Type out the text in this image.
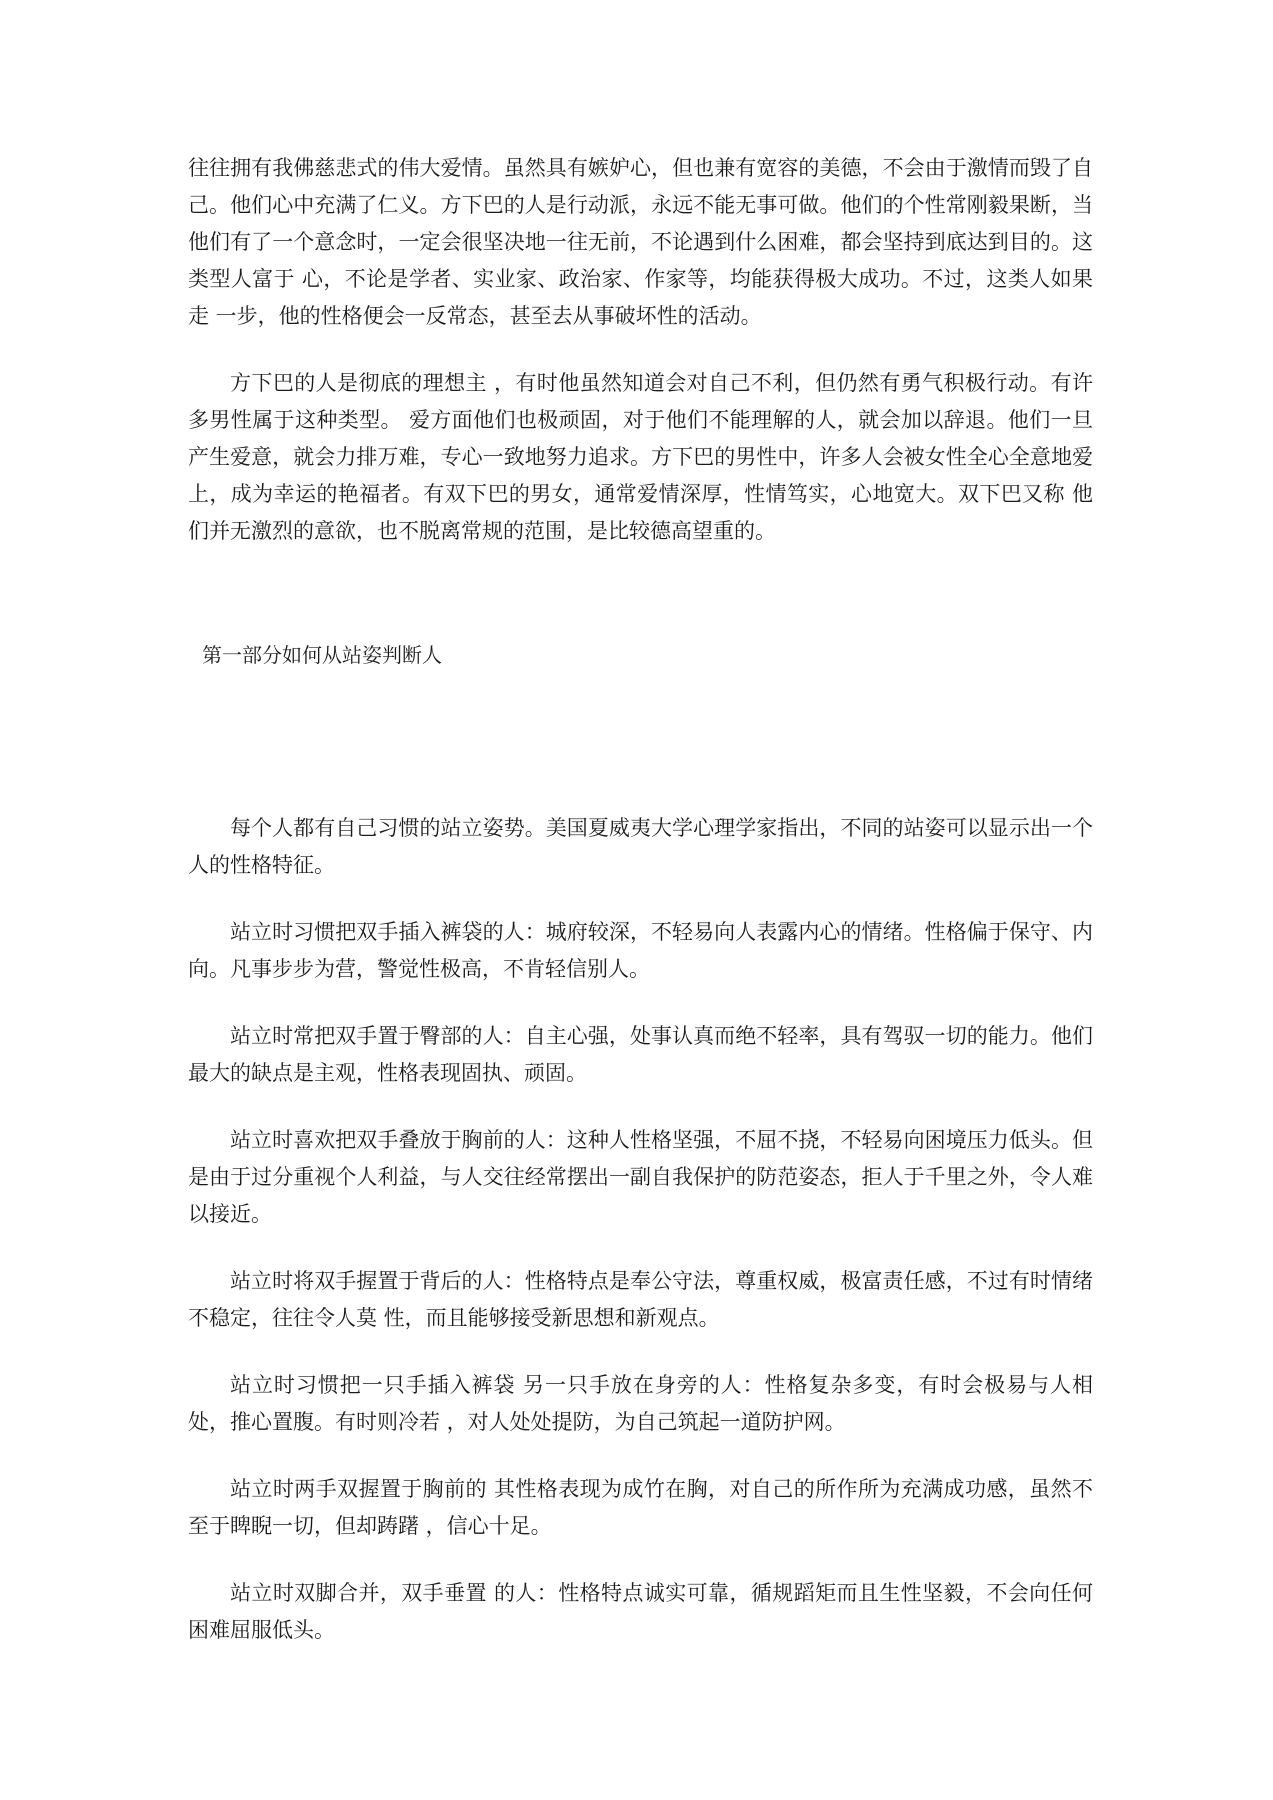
往往拥有我佛慈悲式的伟大爱情。虽然具有嫉妒心，但也兼有宽容的美德，不会由于激情而毁了自己。他们心中充满了仁义。方下巴的人是行动派，永远不能无事可做。他们的个性常刚毅果断，当他们有了一个意念时，一定会很坚决地一往无前，不论遇到什么困难，都会坚持到底达到目的。这类型人富于 心，不论是学者、实业家、政治家、作家等，均能获得极大成功。不过，这类人如果走 一步，他的性格便会一反常态，甚至去从事破坏性的活动。

方下巴的人是彻底的理想主 ，有时他虽然知道会对自己不利，但仍然有勇气积极行动。有许多男性属于这种类型。 爱方面他们也极顽固，对于他们不能理解的人，就会加以辞退。他们一旦产生爱意，就会力排万难，专心一致地努力追求。方下巴的男性中，许多人会被女性全心全意地爱上，成为幸运的艳福者。有双下巴的男女，通常爱情深厚，性情笃实，心地宽大。双下巴又称 他们并无激烈的意欲，也不脱离常规的范围，是比较德高望重的。

第一部分如何从站姿判断人

每个人都有自己习惯的站立姿势。美国夏威夷大学心理学家指出，不同的站姿可以显示出一个人的性格特征。

站立时习惯把双手插入裤袋的人：城府较深，不轻易向人表露内心的情绪。性格偏于保守、内向。凡事步步为营，警觉性极高，不肯轻信别人。

站立时常把双手置于臀部的人：自主心强，处事认真而绝不轻率，具有驾驭一切的能力。他们最大的缺点是主观，性格表现固执、顽固。

站立时喜欢把双手叠放于胸前的人：这种人性格坚强，不屈不挠，不轻易向困境压力低头。但是由于过分重视个人利益，与人交往经常摆出一副自我保护的防范姿态，拒人于千里之外，令人难以接近。

站立时将双手握置于背后的人：性格特点是奉公守法，尊重权威，极富责任感，不过有时情绪不稳定，往往令人莫 性，而且能够接受新思想和新观点。

站立时习惯把一只手插入裤袋 另一只手放在身旁的人：性格复杂多变，有时会极易与人相处，推心置腹。有时则冷若 ，对人处处提防，为自己筑起一道防护网。

站立时两手双握置于胸前的 其性格表现为成竹在胸，对自己的所作所为充满成功感，虽然不至于睥睨一切，但却踌躇 ，信心十足。

站立时双脚合并，双手垂置 的人：性格特点诚实可靠，循规蹈矩而且生性坚毅，不会向任何困难屈服低头。
